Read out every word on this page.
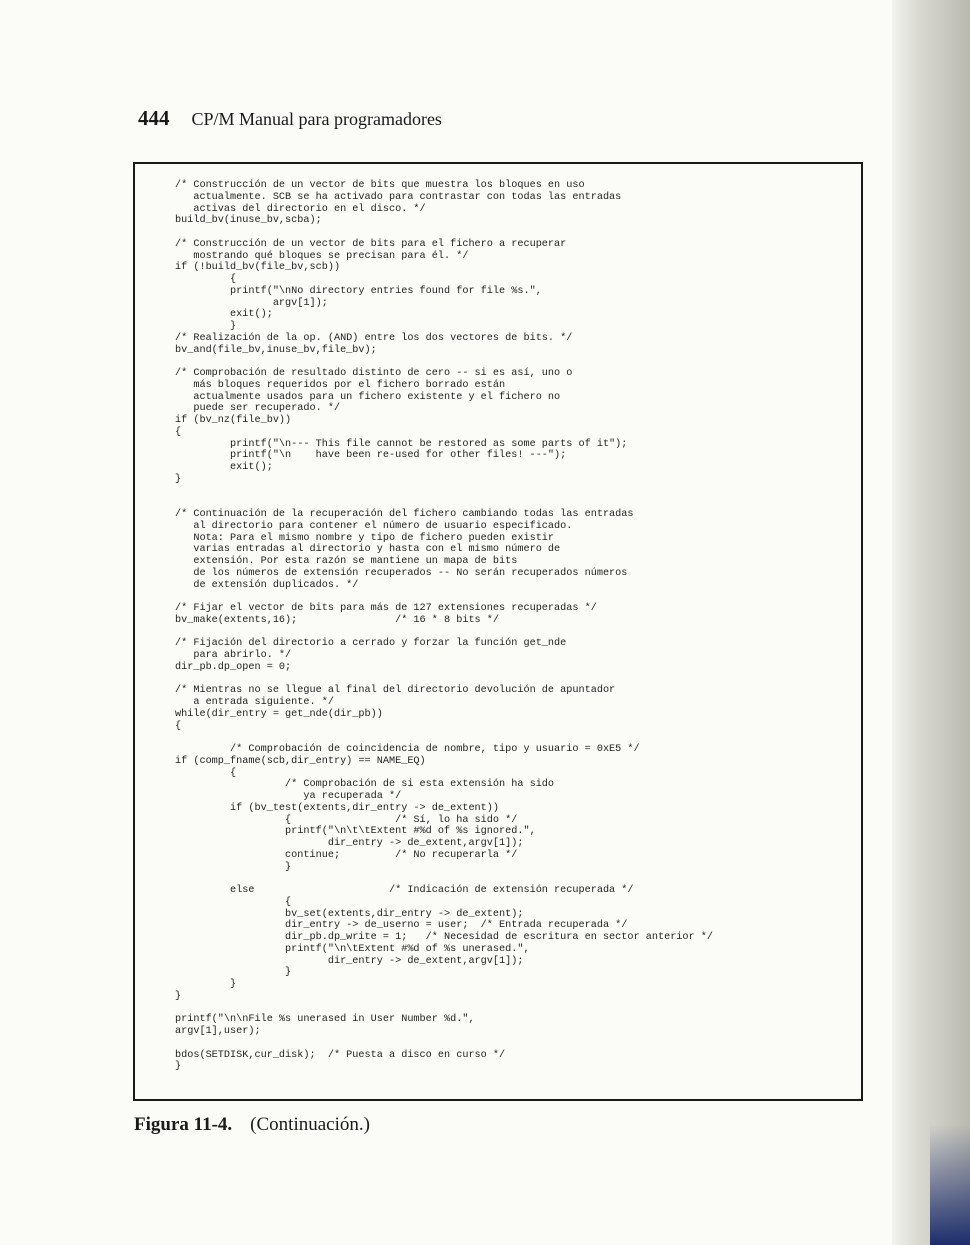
444 CP/M Manual para programadores
/* Construcción de un vector de bits que muestra los bloques en uso
actualmente. SCB se ha activado para contrastar con todas las entradas
activas del directorio en el disco. */
build_bv(inuse_bv,scba);
/* Construcción de un vector de bits para el fichero a recuperar
mostrando qué bloques se precisan para él. */
if (!build_bv(file_bv,scb))
{
printf("\nNo directory entries found for file %s.",
argv[1]);
exit();
}
/* Realización de la op. (AND) entre los dos vectores de bits. */
bv_and(file_bv,inuse_bv,file_bv);
/* Comprobación de resultado distinto de cero -- si es así, uno o
más bloques requeridos por el fichero borrado están
actualmente usados para un fichero existente y el fichero no
puede ser recuperado. */
if (bv_nz(file_bv))
{
printf("\n--- This file cannot be restored as some parts of it");
printf("\n    have been re-used for other files! ---");
exit();
}
/* Continuación de la recuperación del fichero cambiando todas las entradas
al directorio para contener el número de usuario especificado.
Nota: Para el mismo nombre y tipo de fichero pueden existir
varias entradas al directorio y hasta con el mismo número de
extensión. Por esta razón se mantiene un mapa de bits
de los números de extensión recuperados -- No serán recuperados números
de extensión duplicados. */
/* Fijar el vector de bits para más de 127 extensiones recuperadas */
bv_make(extents,16);                /* 16 * 8 bits */
/* Fijación del directorio a cerrado y forzar la función get_nde
para abrirlo. */
dir_pb.dp_open = 0;
/* Mientras no se llegue al final del directorio devolución de apuntador
a entrada siguiente. */
while(dir_entry = get_nde(dir_pb))
{
/* Comprobación de coincidencia de nombre, tipo y usuario = 0xE5 */
if (comp_fname(scb,dir_entry) == NAME_EQ)
{
/* Comprobación de si esta extensión ha sido
ya recuperada */
if (bv_test(extents,dir_entry -> de_extent))
{                 /* Sí, lo ha sido */
printf("\n\t\tExtent #%d of %s ignored.",
dir_entry -> de_extent,argv[1]);
continue;         /* No recuperarla */
}
else                      /* Indicación de extensión recuperada */
{
bv_set(extents,dir_entry -> de_extent);
dir_entry -> de_userno = user;  /* Entrada recuperada */
dir_pb.dp_write = 1;   /* Necesidad de escritura en sector anterior */
printf("\n\tExtent #%d of %s unerased.",
dir_entry -> de_extent,argv[1]);
}
}
}
printf("\n\nFile %s unerased in User Number %d.",
argv[1],user);
bdos(SETDISK,cur_disk);  /* Puesta a disco en curso */
}
Figura 11-4. (Continuación.)
